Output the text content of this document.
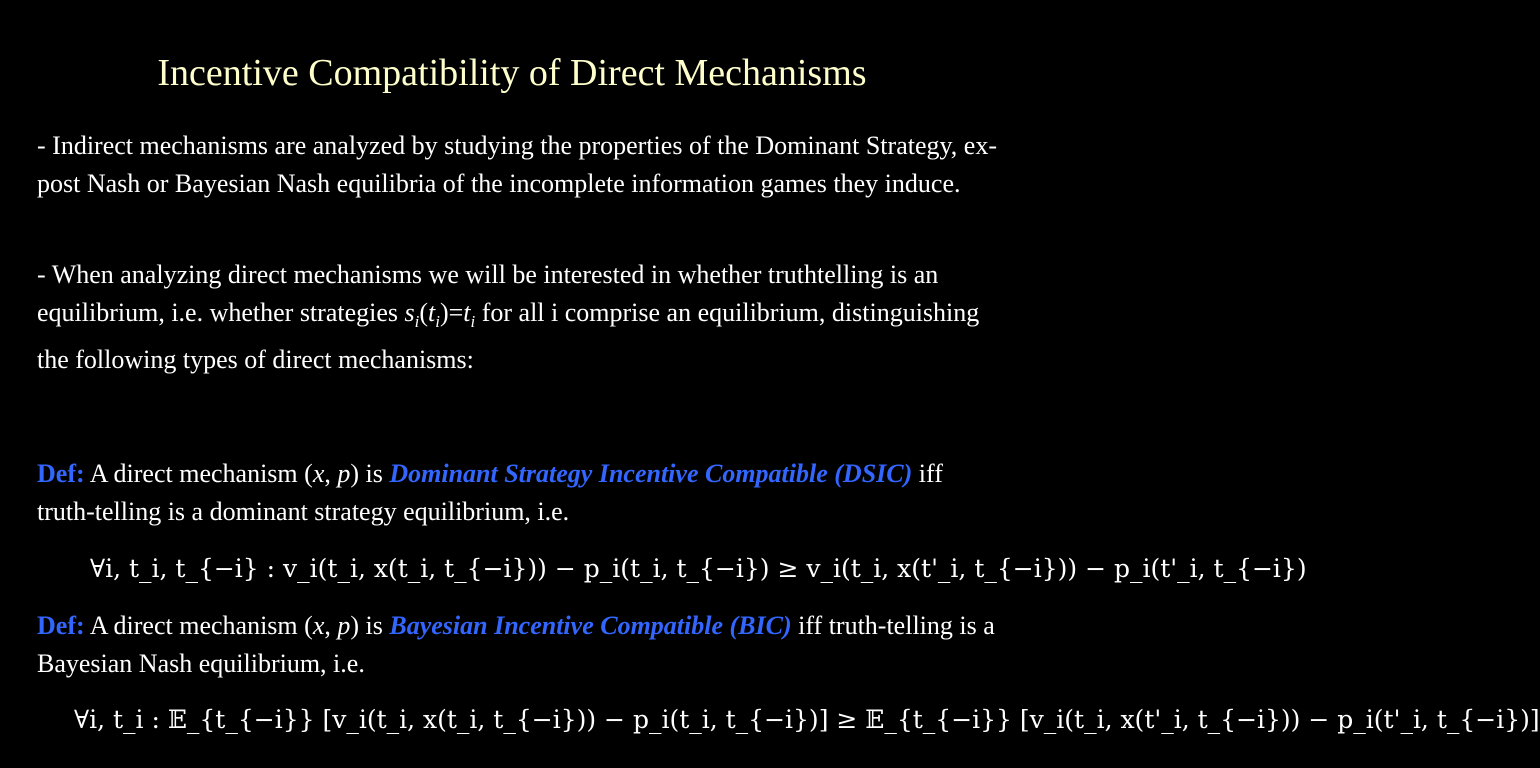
Incentive Compatibility of Direct Mechanisms
- Indirect mechanisms are analyzed by studying the properties of the Dominant Strategy, ex-post Nash or Bayesian Nash equilibria of the incomplete information games they induce.
- When analyzing direct mechanisms we will be interested in whether truthtelling is an equilibrium, i.e. whether strategies $s_i(t_i)=t_i$ for all i comprise an equilibrium, distinguishing the following types of direct mechanisms:
Def: A direct mechanism (x, p) is Dominant Strategy Incentive Compatible (DSIC) iff truth-telling is a dominant strategy equilibrium, i.e.
∀i, t_i, t_{−i} : v_i(t_i, x(t_i, t_{−i})) − p_i(t_i, t_{−i}) ≥ v_i(t_i, x(t'_i, t_{−i})) − p_i(t'_i, t_{−i})
Def: A direct mechanism (x, p) is Bayesian Incentive Compatible (BIC) iff truth-telling is a Bayesian Nash equilibrium, i.e.
∀i, t_i : 𝔼_{t_{−i}} [v_i(t_i, x(t_i, t_{−i})) − p_i(t_i, t_{−i})] ≥ 𝔼_{t_{−i}} [v_i(t_i, x(t'_i, t_{−i})) − p_i(t'_i, t_{−i})]
